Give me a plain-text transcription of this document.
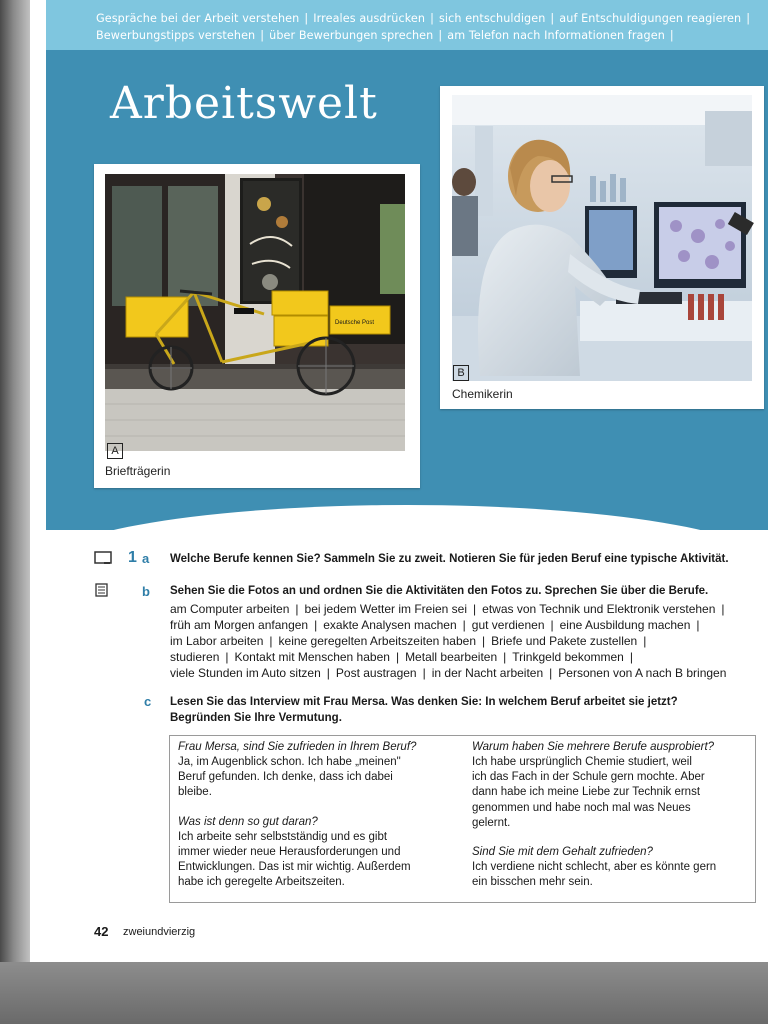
Gespräche bei der Arbeit verstehen | Irreales ausdrücken | sich entschuldigen | auf Entschuldigungen reagieren |
Bewerbungstipps verstehen | über Bewerbungen sprechen | am Telefon nach Informationen fragen |
Arbeitswelt
Deutsche Post
A
Briefträgerin
B
Chemikerin
1 a Welche Berufe kennen Sie? Sammeln Sie zu zweit. Notieren Sie für jeden Beruf eine typische Aktivität.
b Sehen Sie die Fotos an und ordnen Sie die Aktivitäten den Fotos zu. Sprechen Sie über die Berufe.
am Computer arbeiten | bei jedem Wetter im Freien sei | etwas von Technik und Elektronik verstehen |
früh am Morgen anfangen | exakte Analysen machen | gut verdienen | eine Ausbildung machen |
im Labor arbeiten | keine geregelten Arbeitszeiten haben | Briefe und Pakete zustellen |
studieren | Kontakt mit Menschen haben | Metall bearbeiten | Trinkgeld bekommen |
viele Stunden im Auto sitzen | Post austragen | in der Nacht arbeiten | Personen von A nach B bringen
c Lesen Sie das Interview mit Frau Mersa. Was denken Sie: In welchem Beruf arbeitet sie jetzt?
Begründen Sie Ihre Vermutung.
Frau Mersa, sind Sie zufrieden in Ihrem Beruf?
Ja, im Augenblick schon. Ich habe „meinen"
Beruf gefunden. Ich denke, dass ich dabei
bleibe.
Was ist denn so gut daran?
Ich arbeite sehr selbstständig und es gibt
immer wieder neue Herausforderungen und
Entwicklungen. Das ist mir wichtig. Außerdem
habe ich geregelte Arbeitszeiten.
Warum haben Sie mehrere Berufe ausprobiert?
Ich habe ursprünglich Chemie studiert, weil
ich das Fach in der Schule gern mochte. Aber
dann habe ich meine Liebe zur Technik ernst
genommen und habe noch mal was Neues
gelernt.
Sind Sie mit dem Gehalt zufrieden?
Ich verdiene nicht schlecht, aber es könnte gern
ein bisschen mehr sein.
42 zweiundvierzig
